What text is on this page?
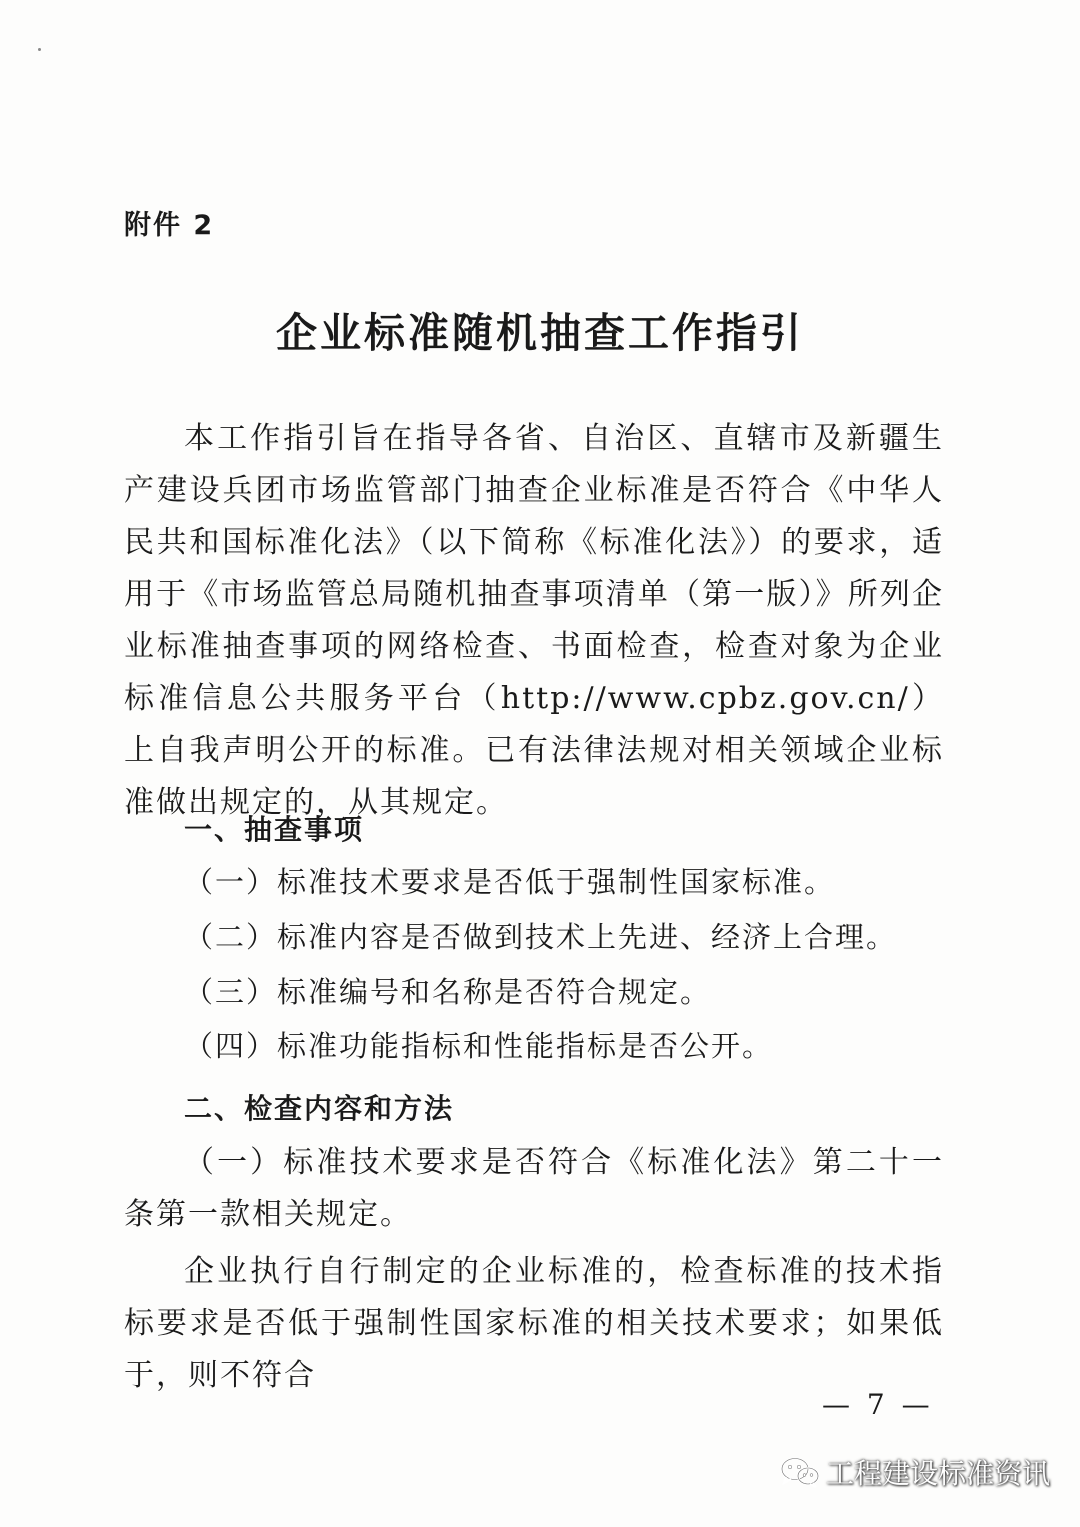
附件 2
企业标准随机抽查工作指引
本工作指引旨在指导各省、自治区、直辖市及新疆生产建设兵团市场监管部门抽查企业标准是否符合《中华人民共和国标准化法》（以下简称《标准化法》）的要求，适用于《市场监管总局随机抽查事项清单（第一版）》所列企业标准抽查事项的网络检查、书面检查，检查对象为企业标准信息公共服务平台（http://www.cpbz.gov.cn/）上自我声明公开的标准。已有法律法规对相关领域企业标准做出规定的，从其规定。
一、抽查事项
（一）标准技术要求是否低于强制性国家标准。
（二）标准内容是否做到技术上先进、经济上合理。
（三）标准编号和名称是否符合规定。
（四）标准功能指标和性能指标是否公开。
二、检查内容和方法
（一）标准技术要求是否符合《标准化法》第二十一条第一款相关规定。
企业执行自行制定的企业标准的，检查标准的技术指标要求是否低于强制性国家标准的相关技术要求；如果低于，则不符合
— 7 —
工程建设标准资讯
